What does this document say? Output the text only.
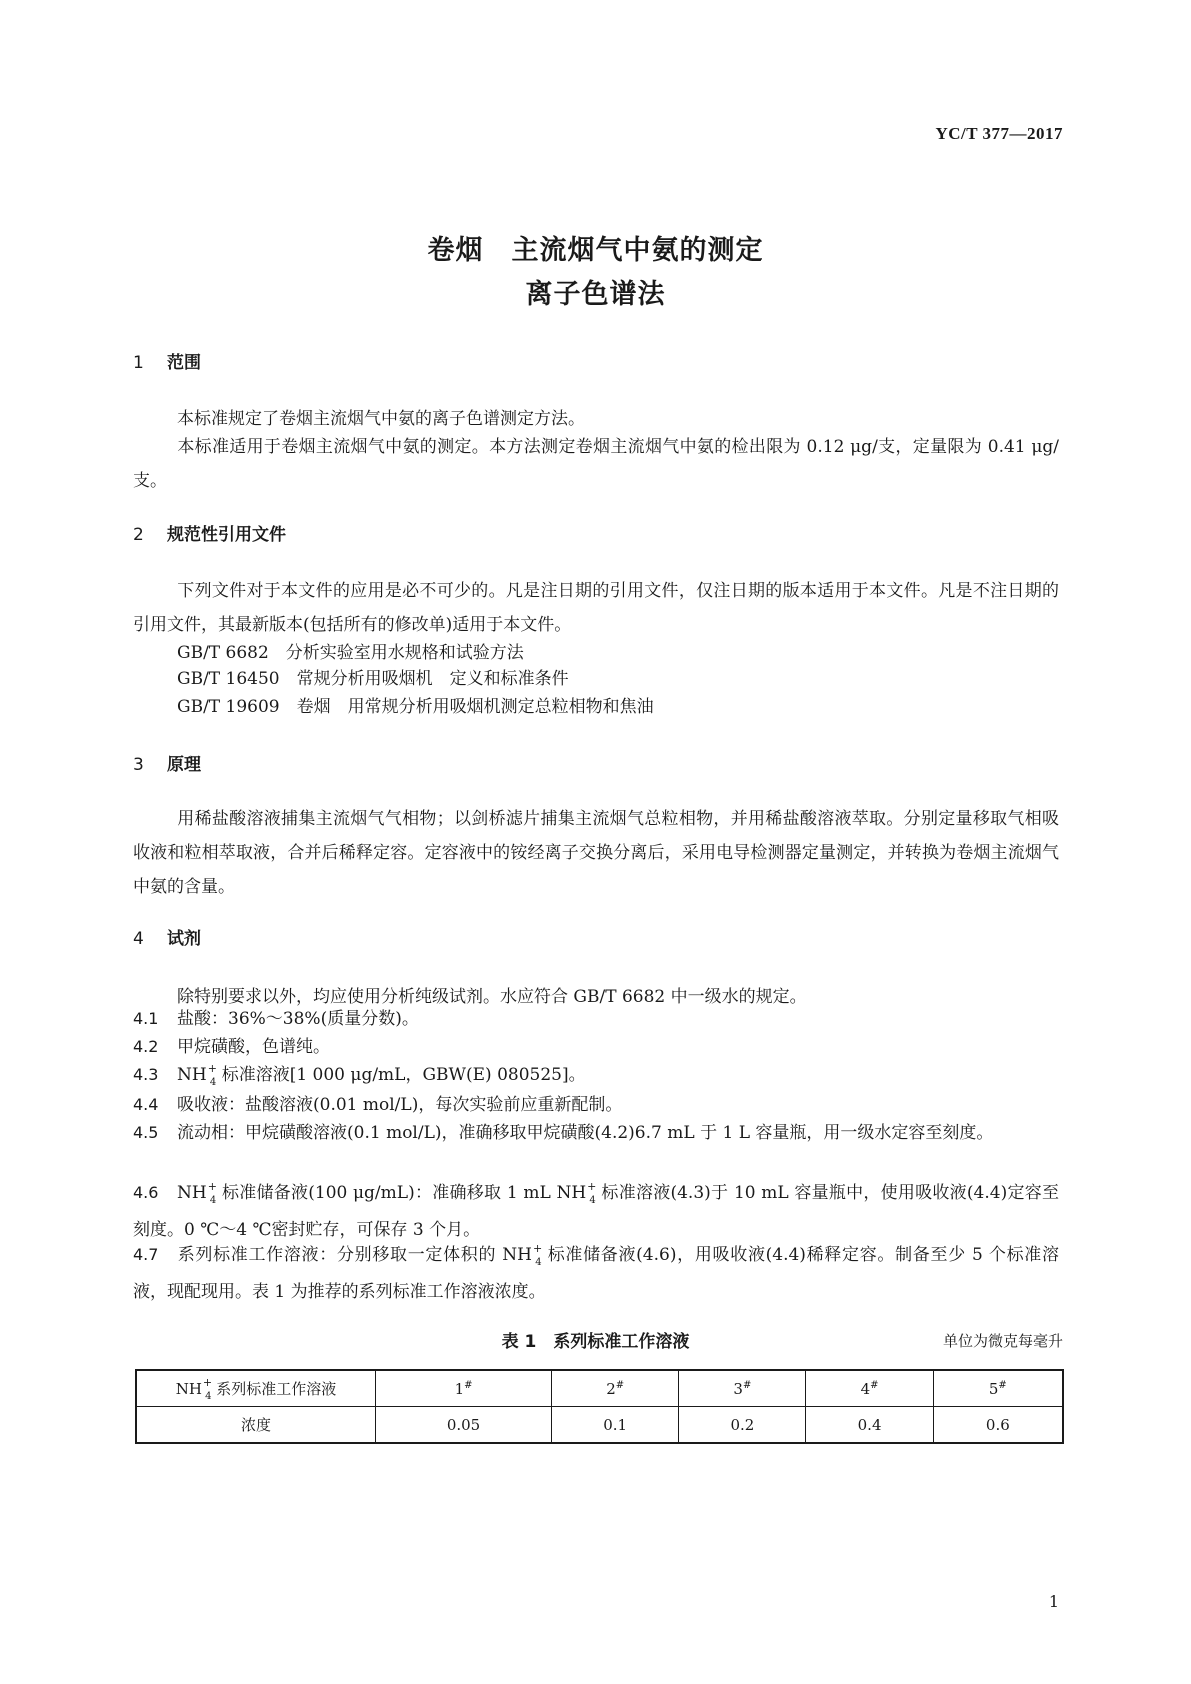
YC/T 377—2017
卷烟　主流烟气中氨的测定
离子色谱法
1 范围
本标准规定了卷烟主流烟气中氨的离子色谱测定方法。
本标准适用于卷烟主流烟气中氨的测定。本方法测定卷烟主流烟气中氨的检出限为 0.12 μg/支，定量限为 0.41 μg/支。
2 规范性引用文件
下列文件对于本文件的应用是必不可少的。凡是注日期的引用文件，仅注日期的版本适用于本文件。凡是不注日期的引用文件，其最新版本(包括所有的修改单)适用于本文件。
GB/T 6682　分析实验室用水规格和试验方法
GB/T 16450　常规分析用吸烟机　定义和标准条件
GB/T 19609　卷烟　用常规分析用吸烟机测定总粒相物和焦油
3 原理
用稀盐酸溶液捕集主流烟气气相物；以剑桥滤片捕集主流烟气总粒相物，并用稀盐酸溶液萃取。分别定量移取气相吸收液和粒相萃取液，合并后稀释定容。定容液中的铵经离子交换分离后，采用电导检测器定量测定，并转换为卷烟主流烟气中氨的含量。
4 试剂
除特别要求以外，均应使用分析纯级试剂。水应符合 GB/T 6682 中一级水的规定。
4.1 盐酸：36%～38%(质量分数)。
4.2 甲烷磺酸，色谱纯。
4.3 $NH^+_4$ 标准溶液[1 000 μg/mL，GBW(E) 080525]。
4.4 吸收液：盐酸溶液(0.01 mol/L)，每次实验前应重新配制。
4.5 流动相：甲烷磺酸溶液(0.1 mol/L)，准确移取甲烷磺酸(4.2)6.7 mL 于 1 L 容量瓶，用一级水定容至刻度。
4.6 $NH^+_4$ 标准储备液(100 μg/mL)：准确移取 1 mL $NH^+_4$ 标准溶液(4.3)于 10 mL 容量瓶中，使用吸收液(4.4)定容至刻度。0 ℃～4 ℃密封贮存，可保存 3 个月。
4.7 系列标准工作溶液：分别移取一定体积的 $NH^+_4$ 标准储备液(4.6)，用吸收液(4.4)稀释定容。制备至少 5 个标准溶液，现配现用。表 1 为推荐的系列标准工作溶液浓度。
表 1　系列标准工作溶液	单位为微克每毫升
$NH^+_4$ 系列标准工作溶液	1#	2#	3#	4#	5#
浓度	0.05	0.1	0.2	0.4	0.6
1
